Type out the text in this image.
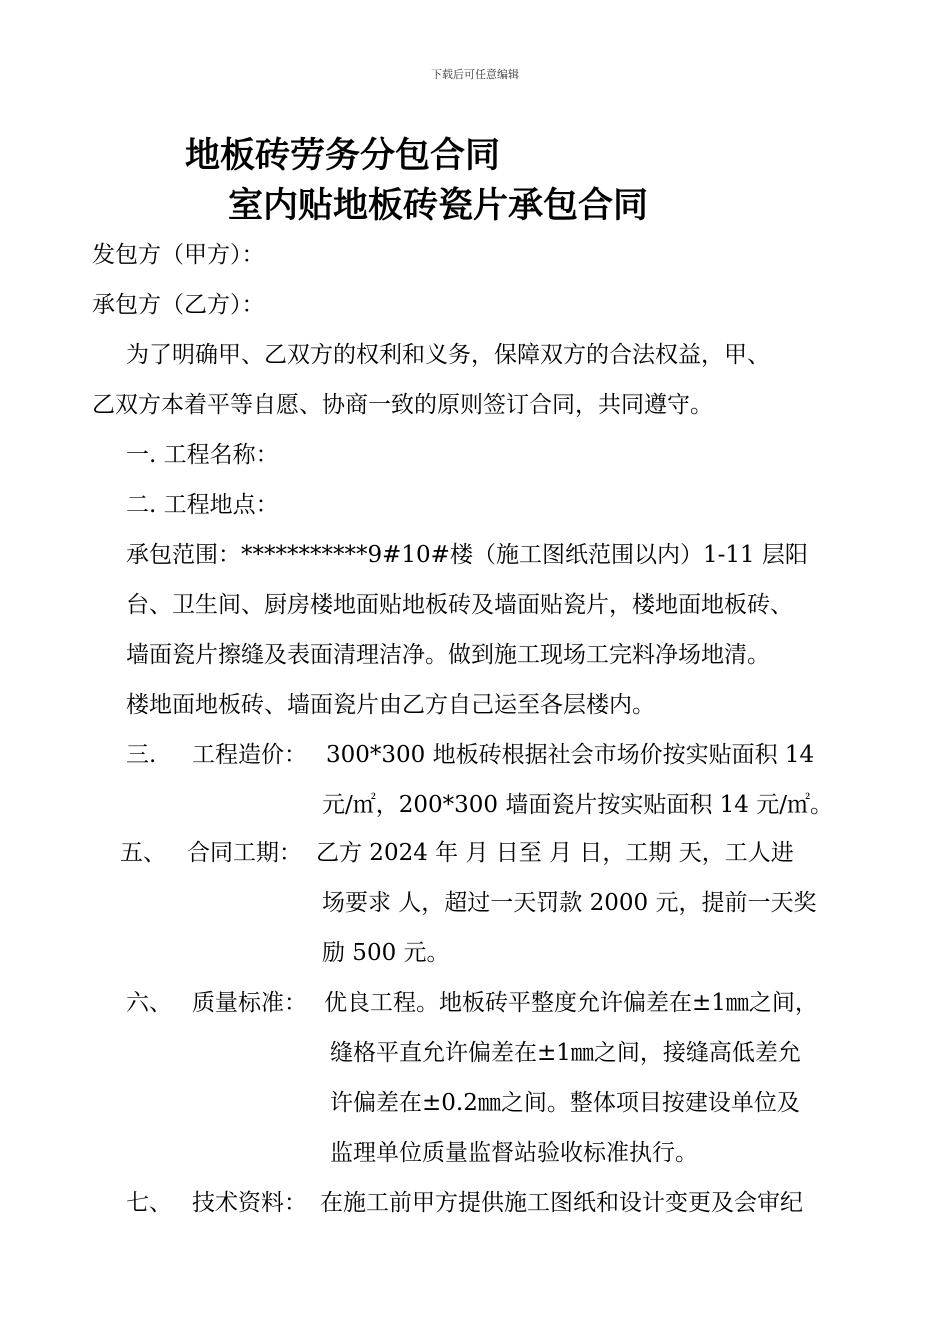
下载后可任意编辑
地板砖劳务分包合同
室内贴地板砖瓷片承包合同
发包方（甲方）：
承包方（乙方）：
为了明确甲、乙双方的权利和义务，保障双方的合法权益，甲、
乙双方本着平等自愿、协商一致的原则签订合同，共同遵守。
一. 工程名称：
二. 工程地点：
承包范围：***********9#10#楼（施工图纸范围以内）1-11 层阳
台、卫生间、厨房楼地面贴地板砖及墙面贴瓷片，楼地面地板砖、
墙面瓷片擦缝及表面清理洁净。做到施工现场工完料净场地清。
楼地面地板砖、墙面瓷片由乙方自己运至各层楼内。
三. 工程造价： 300*300 地板砖根据社会市场价按实贴面积 14
元/㎡，200*300 墙面瓷片按实贴面积 14 元/㎡。
五、 合同工期： 乙方 2024 年 月 日至 月 日，工期 天，工人进
场要求 人，超过一天罚款 2000 元，提前一天奖
励 500 元。
六、 质量标准： 优良工程。地板砖平整度允许偏差在±1㎜之间，
缝格平直允许偏差在±1㎜之间，接缝高低差允
许偏差在±0.2㎜之间。整体项目按建设单位及
监理单位质量监督站验收标准执行。
七、 技术资料： 在施工前甲方提供施工图纸和设计变更及会审纪
